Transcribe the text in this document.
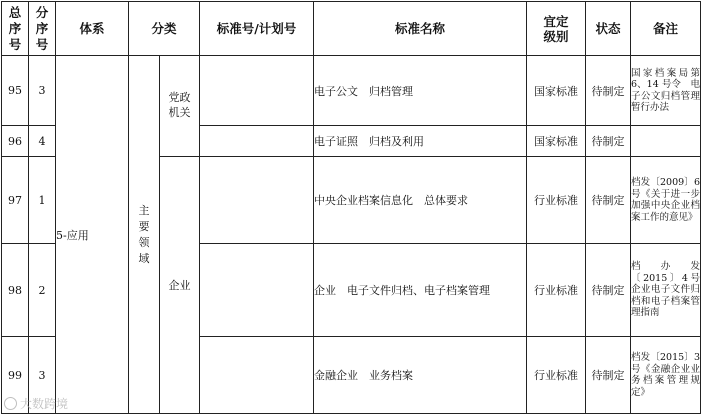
总序号	分序号	体系	分类		标准号/计划号	标准名称	宜定级别	状态	备注
95	3	5-应用	主要领域	党政机关		电子公文　归档管理	国家标准	待制定	国家档案局第 6、14 号令　电子公文归档管理暂行办法
96	4					电子证照　归档及利用	国家标准	待制定	
97	1			企业		中央企业档案信息化　总体要求	行业标准	待制定	档发〔2009〕6 号《关于进一步加强中央企业档案工作的意见》
98	2					企业　电子文件归档、电子档案管理	行业标准	待制定	档 办 发〔2015〕4号 企业电子文件归档和电子档案管理指南
99	3					金融企业　业务档案	行业标准	待制定	档发〔2015〕3 号《金融企业业务档案管理规定》
大数跨境
